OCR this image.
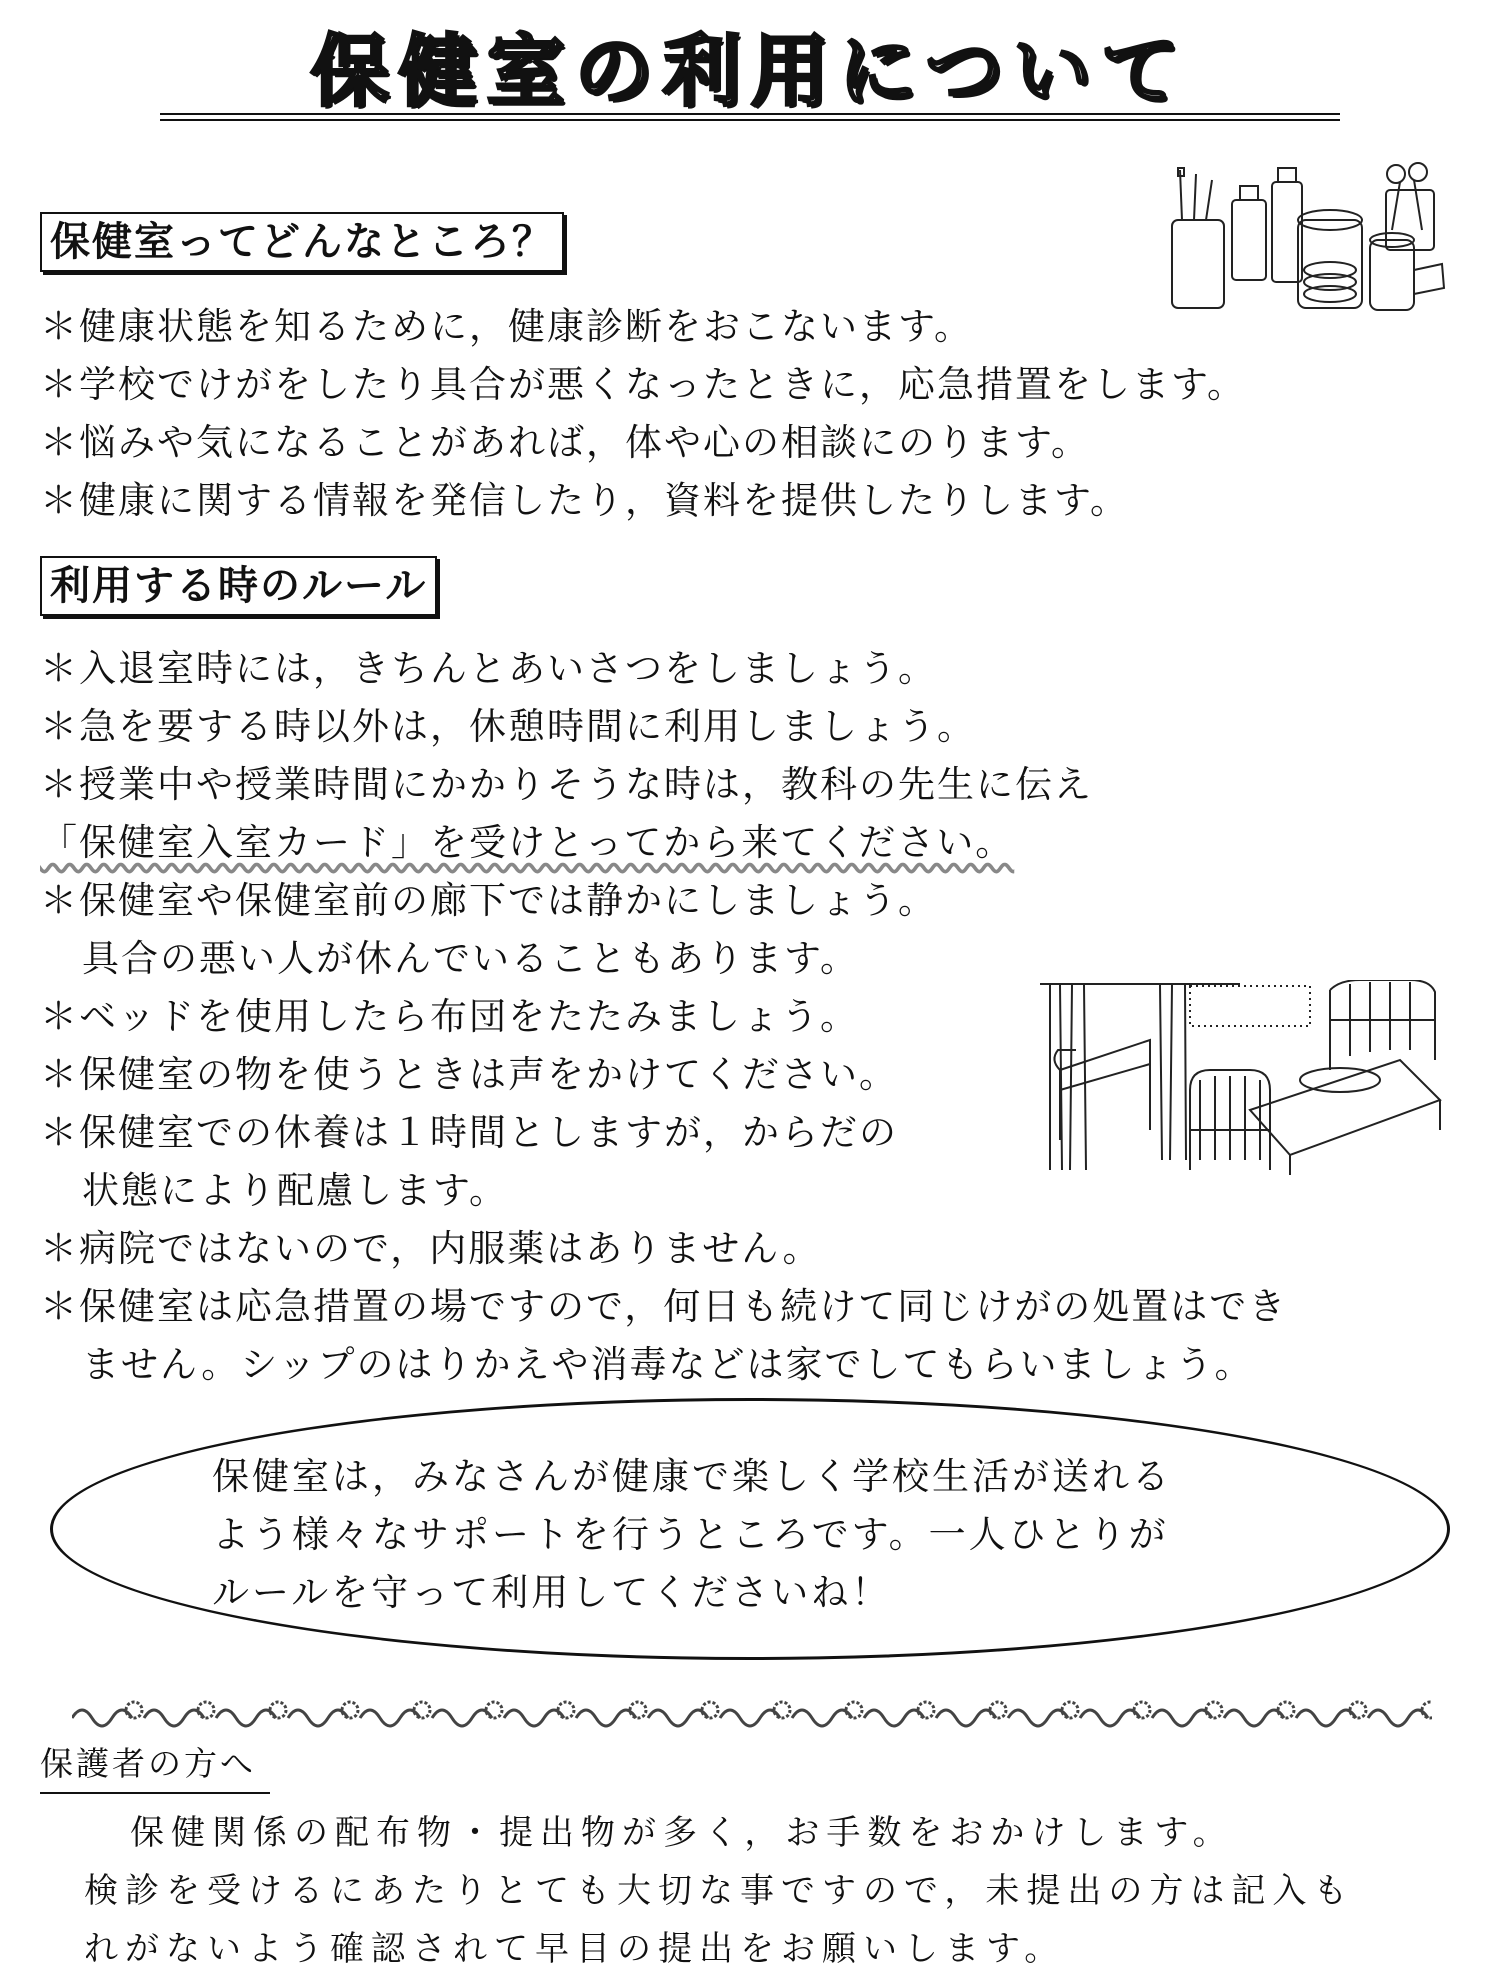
保健室の利用について
保健室ってどんなところ？
＊健康状態を知るために，健康診断をおこないます。
＊学校でけがをしたり具合が悪くなったときに，応急措置をします。
＊悩みや気になることがあれば，体や心の相談にのります。
＊健康に関する情報を発信したり，資料を提供したりします。
利用する時のルール
＊入退室時には，きちんとあいさつをしましょう。
＊急を要する時以外は，休憩時間に利用しましょう。
＊授業中や授業時間にかかりそうな時は，教科の先生に伝え
「保健室入室カード」を受けとってから来てください。
＊保健室や保健室前の廊下では静かにしましょう。
具合の悪い人が休んでいることもあります。
＊ベッドを使用したら布団をたたみましょう。
＊保健室の物を使うときは声をかけてください。
＊保健室での休養は１時間としますが，からだの
状態により配慮します。
＊病院ではないので，内服薬はありません。
＊保健室は応急措置の場ですので，何日も続けて同じけがの処置はでき
ません。シップのはりかえや消毒などは家でしてもらいましょう。
保健室は，みなさんが健康で楽しく学校生活が送れる
よう様々なサポートを行うところです。一人ひとりが
ルールを守って利用してくださいね！
保護者の方へ
保健関係の配布物・提出物が多く，お手数をおかけします。
検診を受けるにあたりとても大切な事ですので，未提出の方は記入も
れがないよう確認されて早目の提出をお願いします。
